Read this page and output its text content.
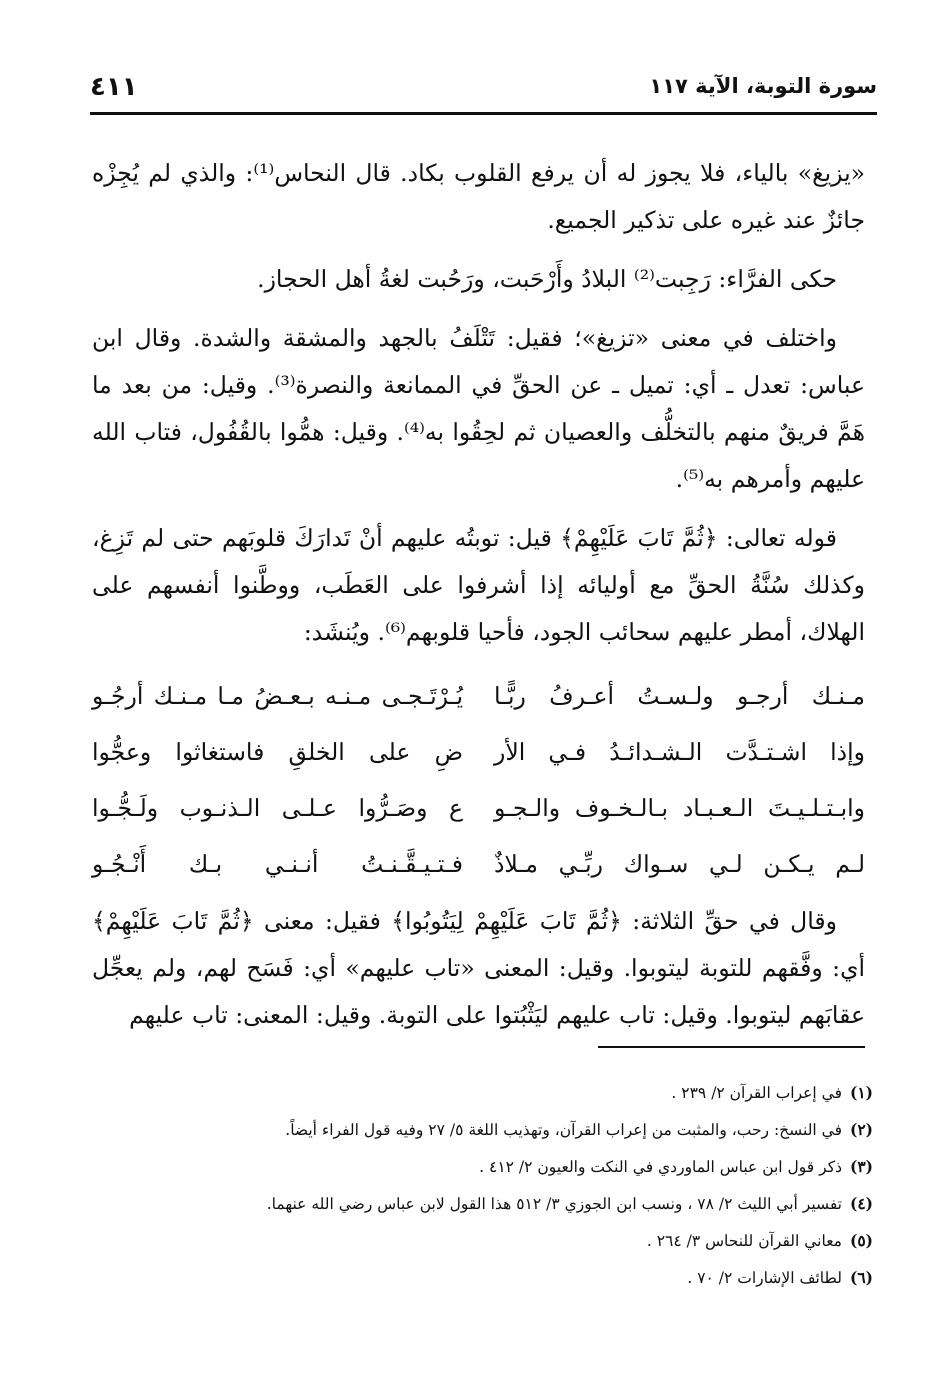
سورة التوبة، الآية ١١٧
٤١١

«يزيغ» بالياء، فلا يجوز له أن يرفع القلوب بكاد. قال النحاس⁽¹⁾: والذي لم يُجِزْه جائزٌ عند غيره على تذكير الجميع.

حكى الفرَّاء: رَجِبت⁽²⁾ البلادُ وأَرْحَبت، ورَحُبت لغةُ أهل الحجاز.

واختلف في معنى «تزيغ»؛ فقيل: تَتْلَفُ بالجهد والمشقة والشدة. وقال ابن عباس: تعدل ـ أي: تميل ـ عن الحقِّ في الممانعة والنصرة⁽³⁾. وقيل: من بعد ما هَمَّ فريقٌ منهم بالتخلُّف والعصيان ثم لحِقُوا به⁽⁴⁾. وقيل: همُّوا بالقُفُول، فتاب الله عليهم وأمرهم به⁽⁵⁾.

قوله تعالى: ﴿ثُمَّ تَابَ عَلَيْهِمْ﴾ قيل: توبتُه عليهم أنْ تَدارَكَ قلوبَهم حتى لم تَزِغ، وكذلك سُنَّةُ الحقِّ مع أوليائه إذا أشرفوا على العَطَب، ووطَّنوا أنفسهم على الهلاك، أمطر عليهم سحائب الجود، فأحيا قلوبهم⁽⁶⁾. ويُنشَد:

مـنـك أرجـو ولـسـتُ أعـرفُ ربًّـا
يُـرْتَـجـى مـنـه بـعـضُ مـا مـنـك أرجُـو
وإذا اشـتـدَّت الـشـدائـدُ فـي الأر
ضِ على الخلقِ فاستغاثوا وعجُّوا
وابـتـلـيـتَ الـعـبـاد بـالـخـوف والـجـو
ع وصَـرُّوا عـلـى الـذنـوب ولَـجُّـوا
لـم يـكـن لـي سـواك ربِّـي مـلاذٌ
فـتـيـقَّـنـتُ أنـنـي بـك أَنْـجُـو

وقال في حقِّ الثلاثة: ﴿ثُمَّ تَابَ عَلَيْهِمْ لِيَتُوبُوا﴾ فقيل: معنى ﴿ثُمَّ تَابَ عَلَيْهِمْ﴾ أي: وفَّقهم للتوبة ليتوبوا. وقيل: المعنى «تاب عليهم» أي: فَسَح لهم، ولم يعجِّل عقابَهم ليتوبوا. وقيل: تاب عليهم ليَثْبُتوا على التوبة. وقيل: المعنى: تاب عليهم

(١)في إعراب القرآن ٢/ ٢٣٩ .
(٢)في النسخ: رحب، والمثبت من إعراب القرآن، وتهذيب اللغة ٥/ ٢٧ وفيه قول الفراء أيضاً.
(٣)ذكر قول ابن عباس الماوردي في النكت والعيون ٢/ ٤١٢ .
(٤)تفسير أبي الليث ٢/ ٧٨ ، ونسب ابن الجوزي ٣/ ٥١٢ هذا القول لابن عباس رضي الله عنهما.
(٥)معاني القرآن للنحاس ٣/ ٢٦٤ .
(٦)لطائف الإشارات ٢/ ٧٠ .
